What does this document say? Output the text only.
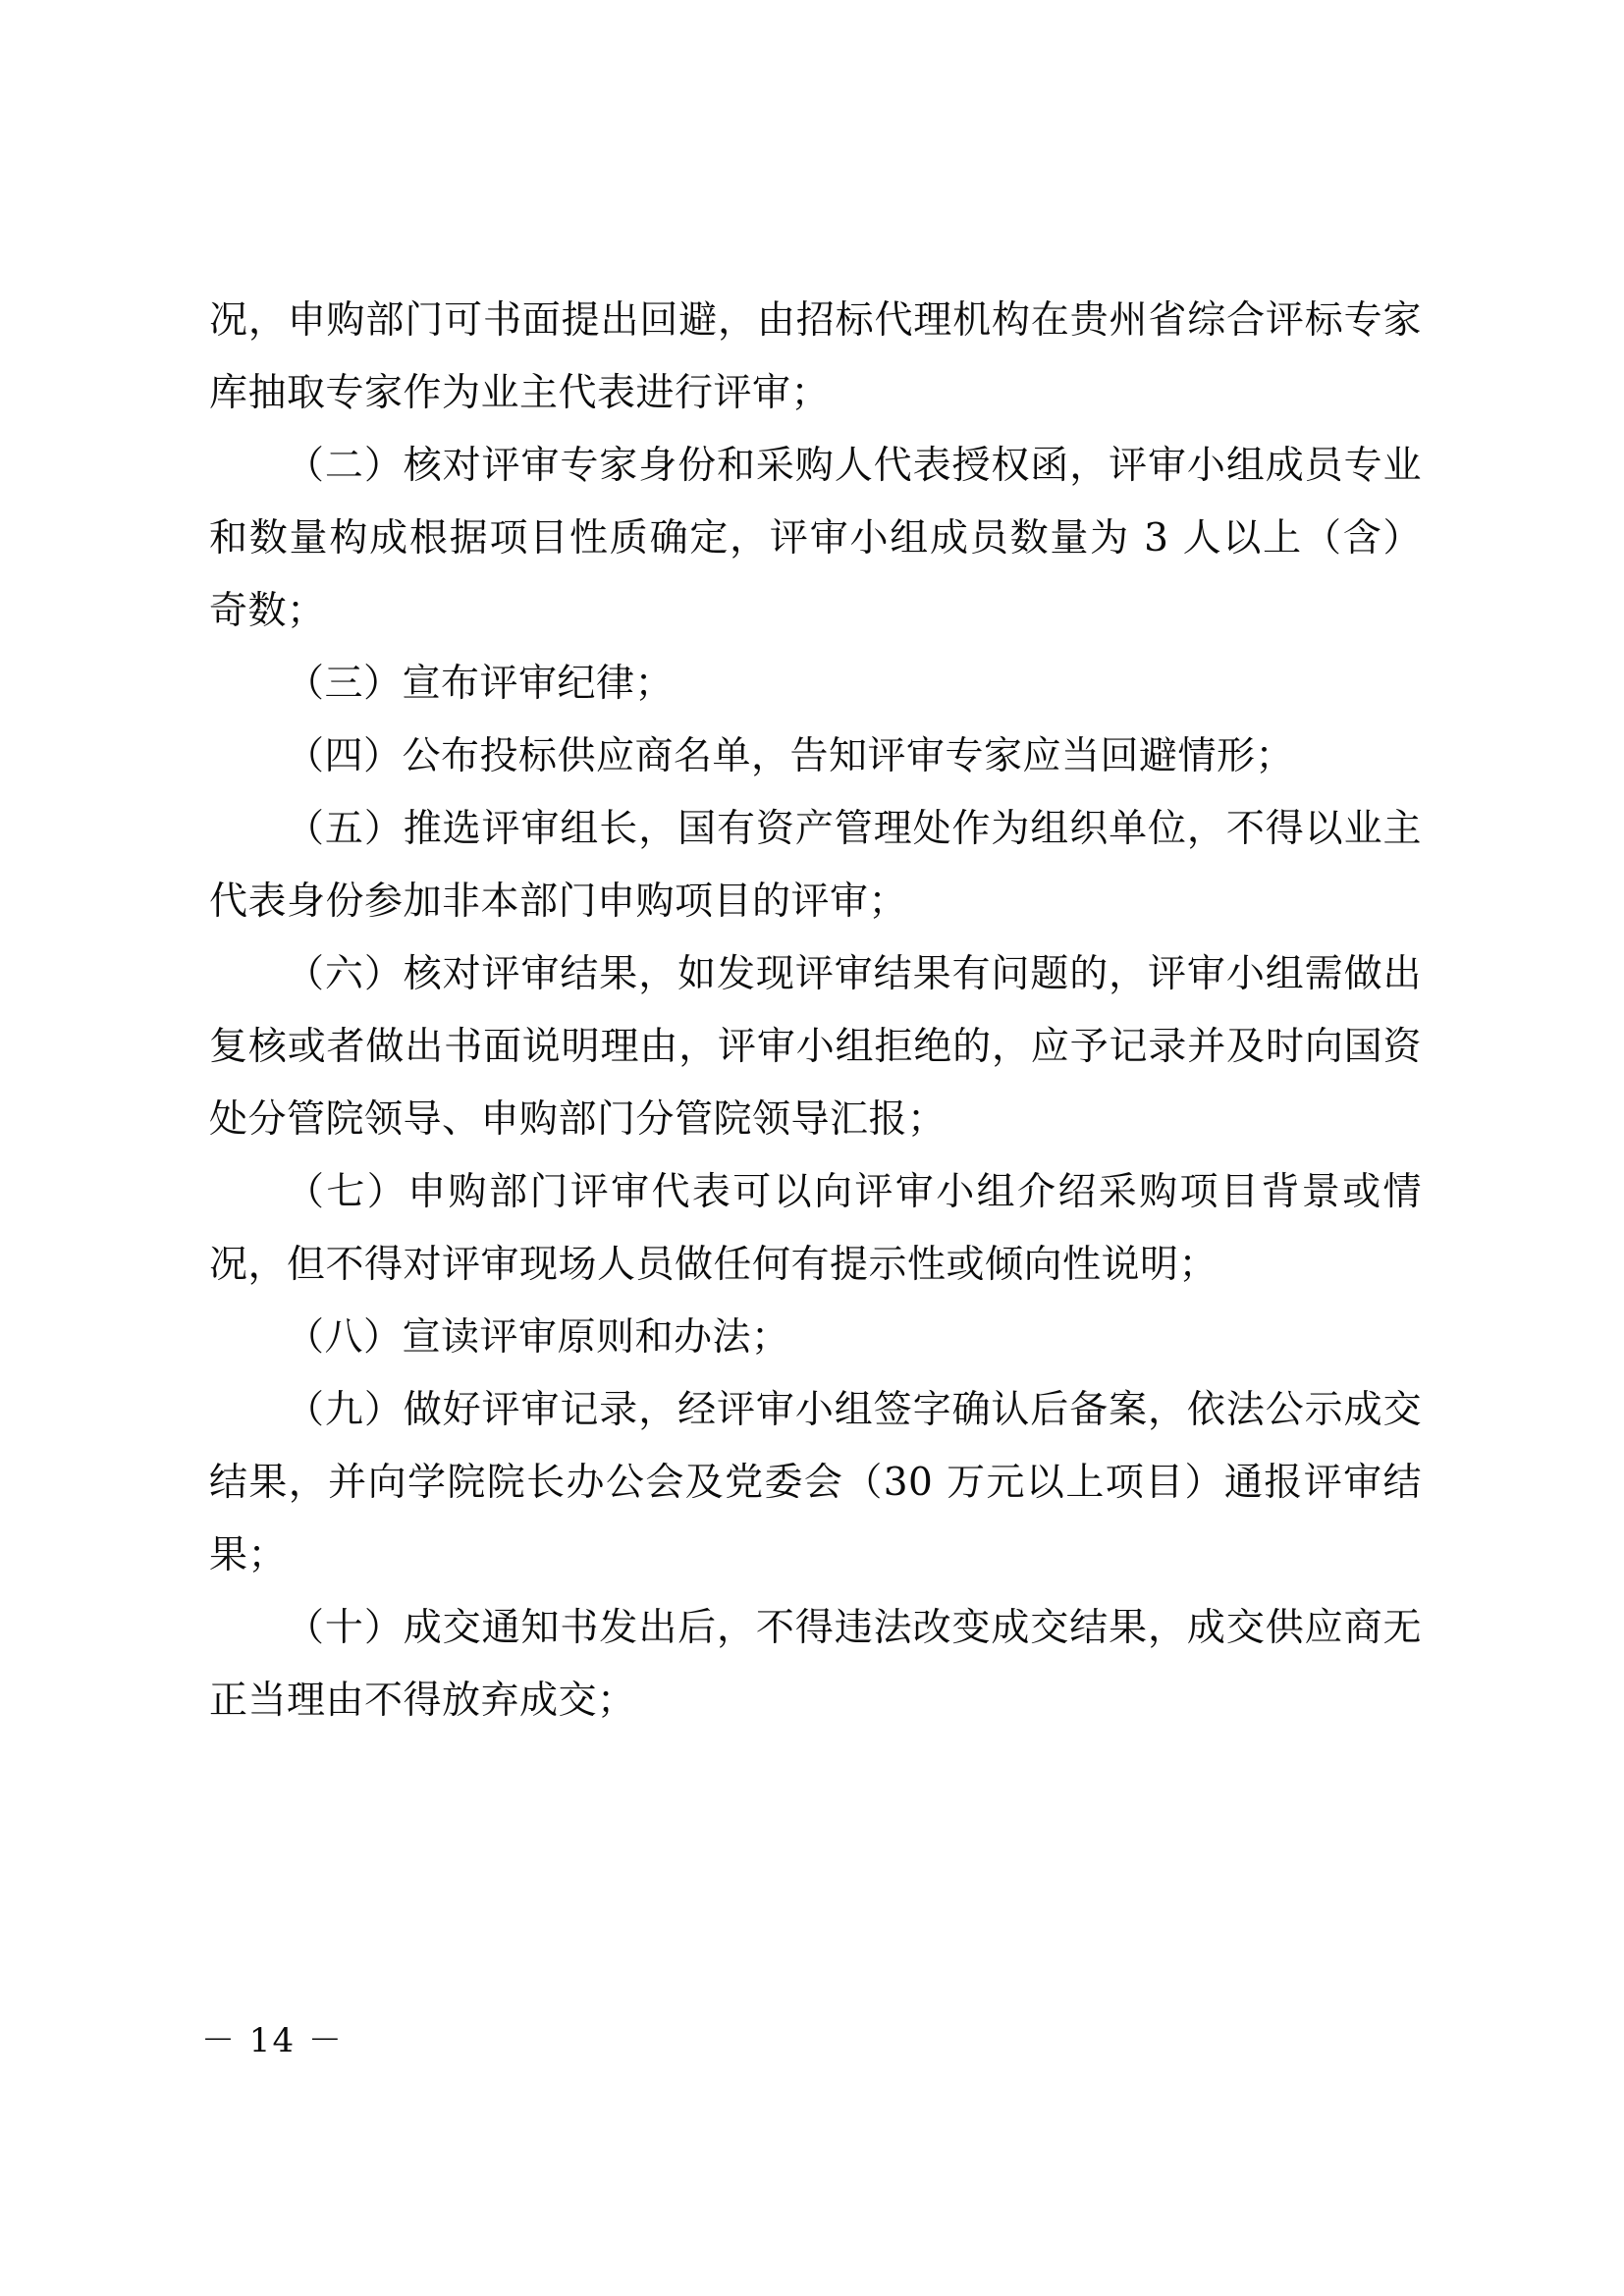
况，申购部门可书面提出回避，由招标代理机构在贵州省综合评标专家库抽取专家作为业主代表进行评审；

（二）核对评审专家身份和采购人代表授权函，评审小组成员专业和数量构成根据项目性质确定，评审小组成员数量为 3 人以上（含）奇数；

（三）宣布评审纪律；

（四）公布投标供应商名单，告知评审专家应当回避情形；

（五）推选评审组长，国有资产管理处作为组织单位，不得以业主代表身份参加非本部门申购项目的评审；

（六）核对评审结果，如发现评审结果有问题的，评审小组需做出复核或者做出书面说明理由，评审小组拒绝的，应予记录并及时向国资处分管院领导、申购部门分管院领导汇报；

（七）申购部门评审代表可以向评审小组介绍采购项目背景或情况，但不得对评审现场人员做任何有提示性或倾向性说明；

（八）宣读评审原则和办法；

（九）做好评审记录，经评审小组签字确认后备案，依法公示成交结果，并向学院院长办公会及党委会（30 万元以上项目）通报评审结果；

（十）成交通知书发出后，不得违法改变成交结果，成交供应商无正当理由不得放弃成交；

－ 14 －
